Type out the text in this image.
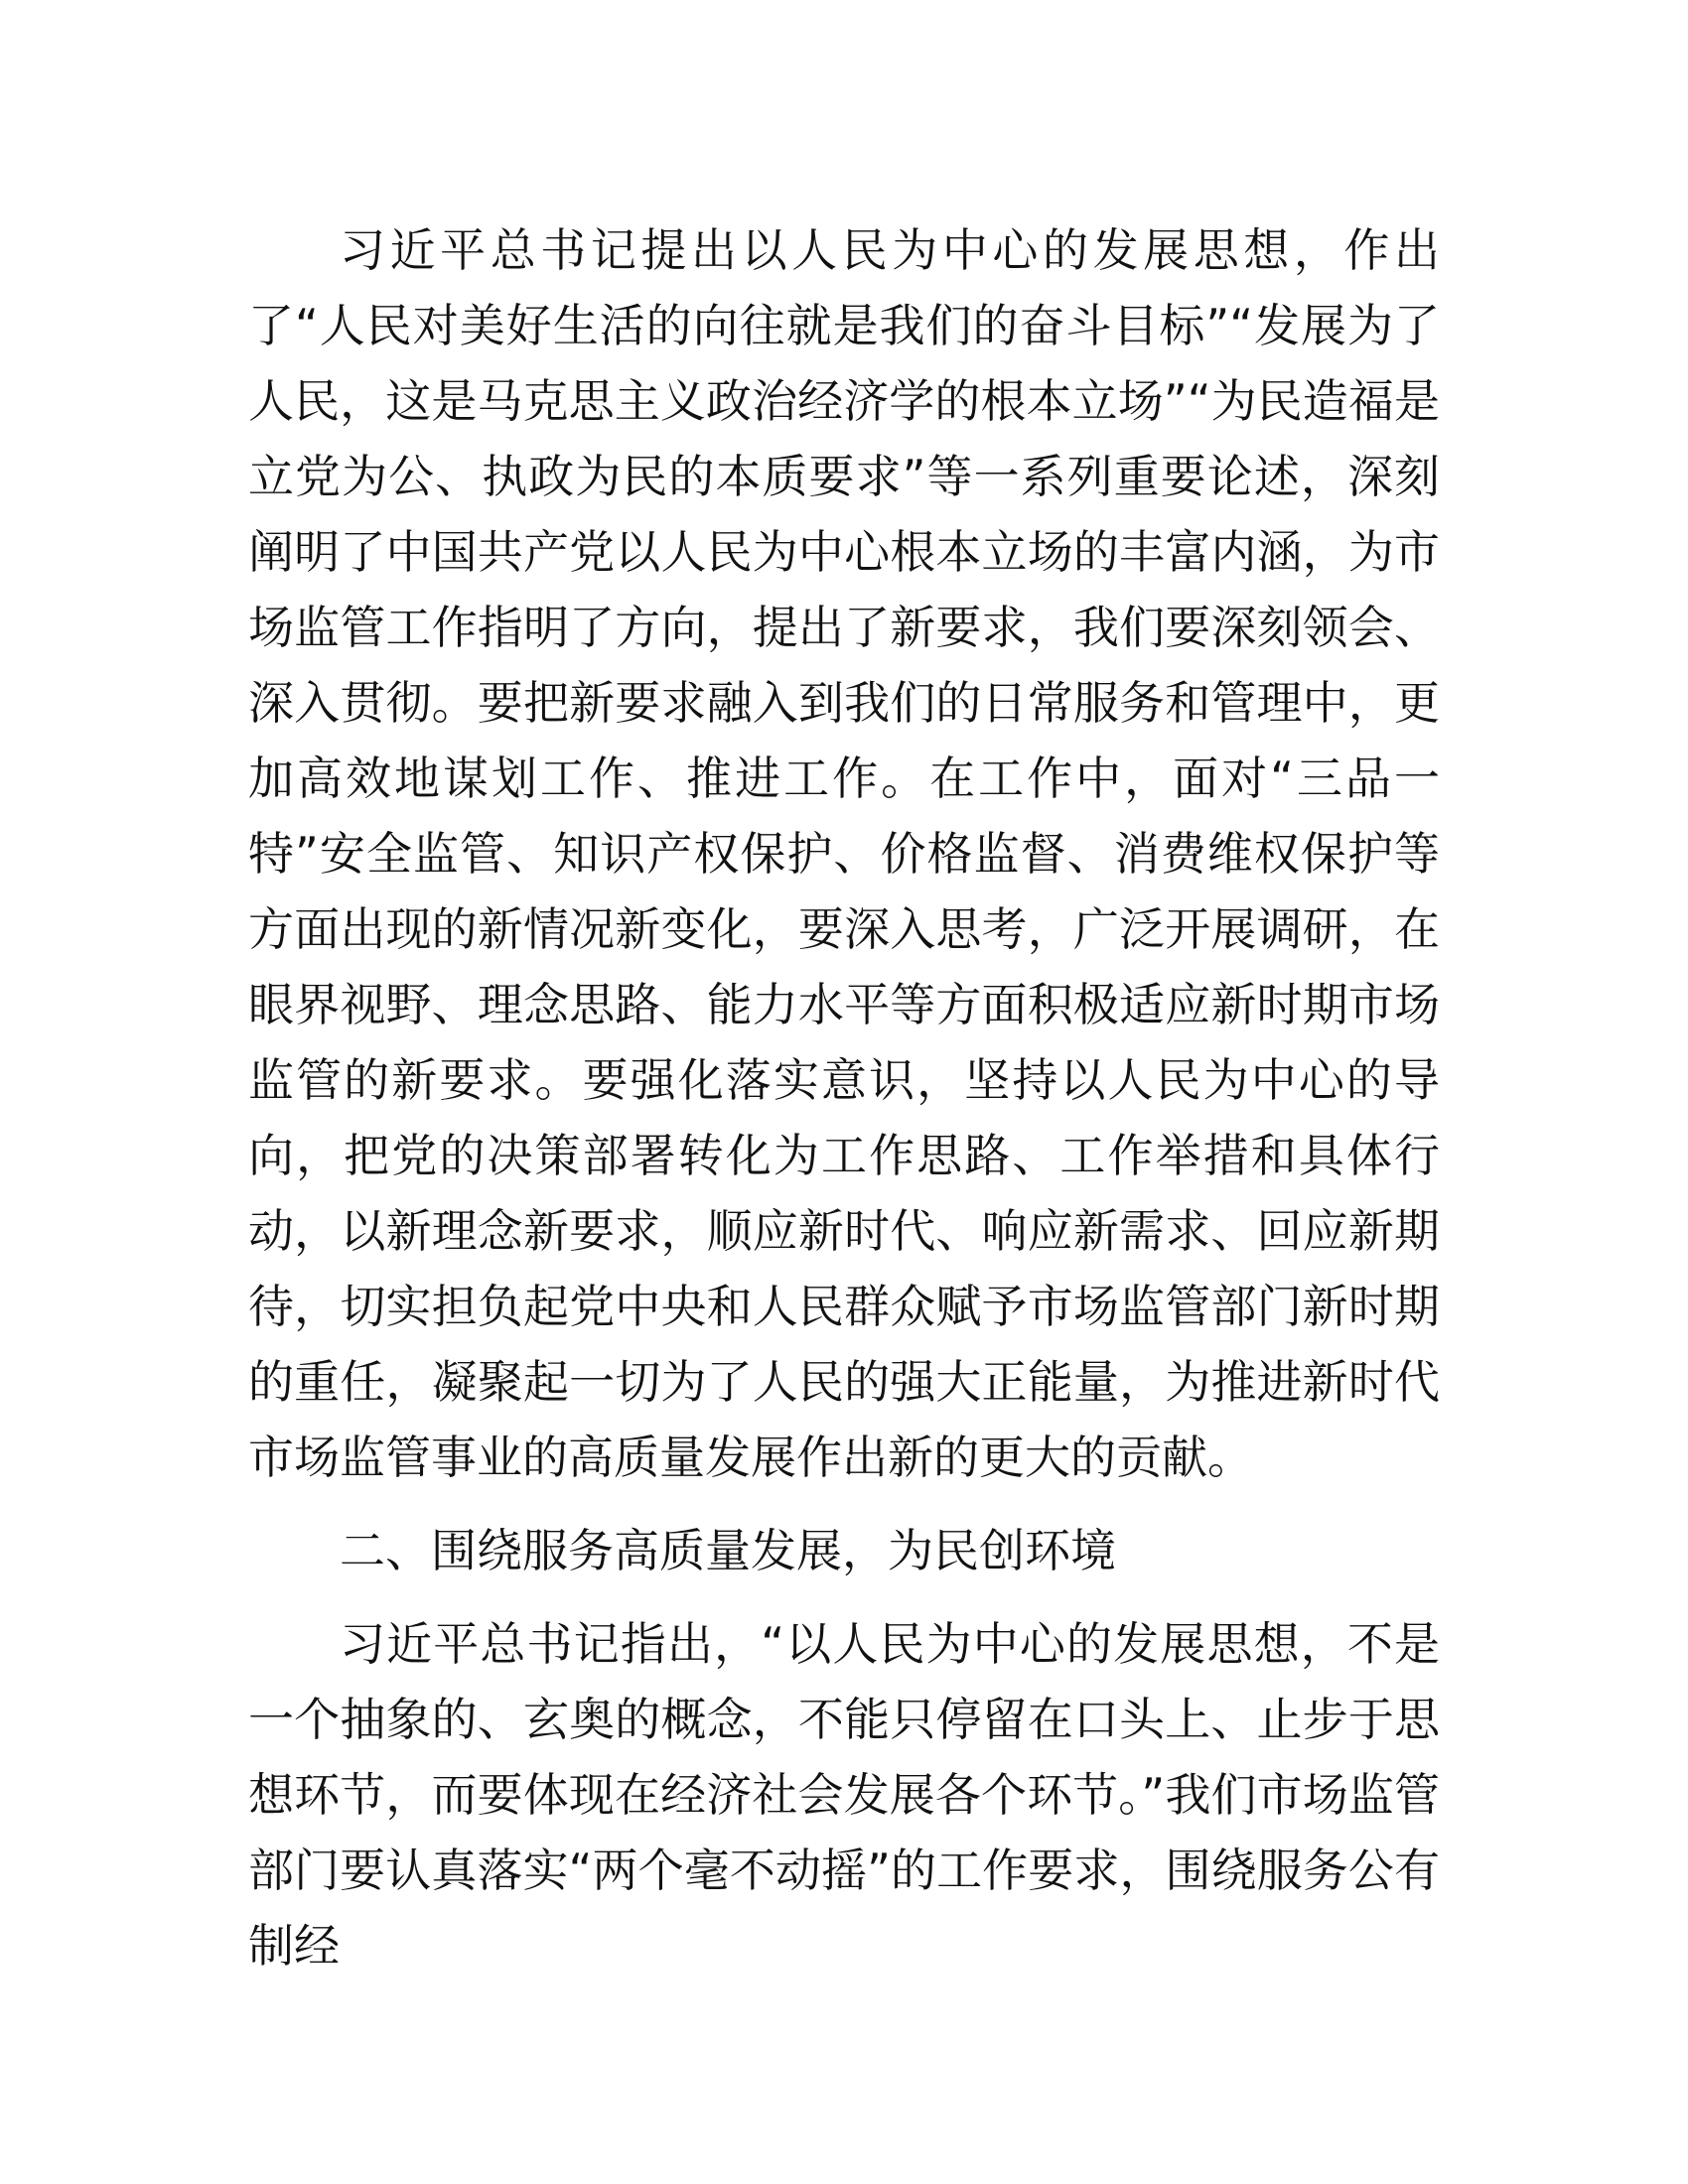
习近平总书记提出以人民为中心的发展思想，作出了“人民对美好生活的向往就是我们的奋斗目标”“发展为了人民，这是马克思主义政治经济学的根本立场”“为民造福是立党为公、执政为民的本质要求”等一系列重要论述，深刻阐明了中国共产党以人民为中心根本立场的丰富内涵，为市场监管工作指明了方向，提出了新要求，我们要深刻领会、深入贯彻。要把新要求融入到我们的日常服务和管理中，更加高效地谋划工作、推进工作。在工作中，面对“三品一特”安全监管、知识产权保护、价格监督、消费维权保护等方面出现的新情况新变化，要深入思考，广泛开展调研，在眼界视野、理念思路、能力水平等方面积极适应新时期市场监管的新要求。要强化落实意识，坚持以人民为中心的导向，把党的决策部署转化为工作思路、工作举措和具体行动，以新理念新要求，顺应新时代、响应新需求、回应新期待，切实担负起党中央和人民群众赋予市场监管部门新时期的重任，凝聚起一切为了人民的强大正能量，为推进新时代市场监管事业的高质量发展作出新的更大的贡献。

二、围绕服务高质量发展，为民创环境

习近平总书记指出，“以人民为中心的发展思想，不是一个抽象的、玄奥的概念，不能只停留在口头上、止步于思想环节，而要体现在经济社会发展各个环节。”我们市场监管部门要认真落实“两个毫不动摇”的工作要求，围绕服务公有制经
